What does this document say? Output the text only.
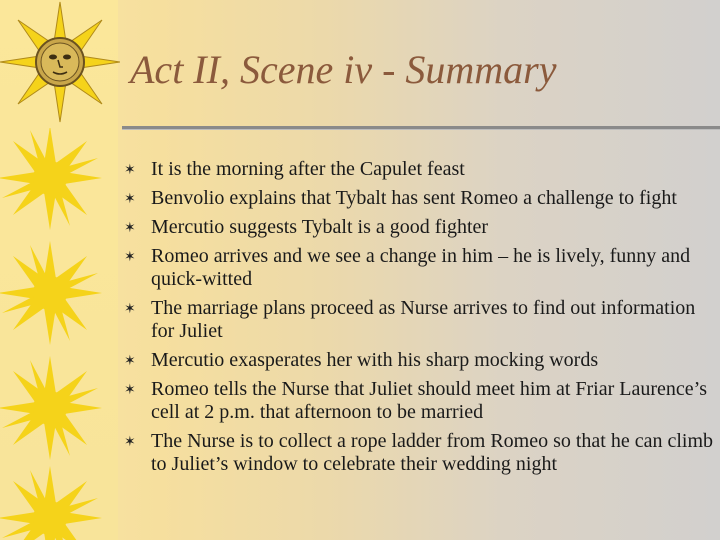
Act II, Scene iv - Summary
✶ It is the morning after the Capulet feast
✶ Benvolio explains that Tybalt has sent Romeo a challenge to fight
✶ Mercutio suggests Tybalt is a good fighter
✶ Romeo arrives and we see a change in him – he is lively, funny and quick-witted
✶ The marriage plans proceed as Nurse arrives to find out information for Juliet
✶ Mercutio exasperates her with his sharp mocking words
✶ Romeo tells the Nurse that Juliet should meet him at Friar Laurence’s cell at 2 p.m. that afternoon to be married
✶ The Nurse is to collect a rope ladder from Romeo so that he can climb to Juliet’s window to celebrate their wedding night
